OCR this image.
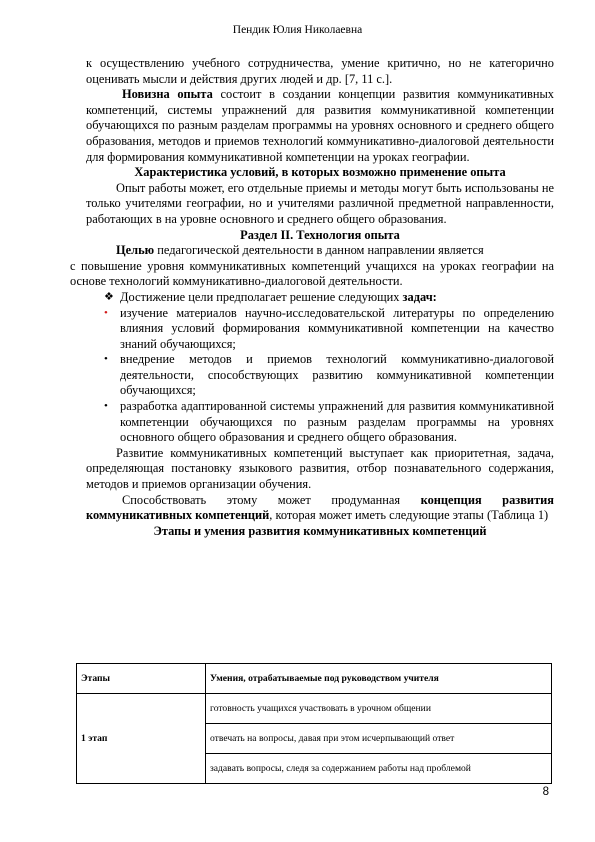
Пендик Юлия Николаевна

к осуществлению учебного сотрудничества, умение критично, но не категорично оценивать мысли и действия других людей и др. [7, 11 с.].

Новизна опыта состоит в создании концепции развития коммуникативных компетенций, системы упражнений для развития коммуникативной компетенции обучающихся по разным разделам программы на уровнях основного и среднего общего образования, методов и приемов технологий коммуникативно-диалоговой деятельности для формирования коммуникативной компетенции на уроках географии.

Характеристика условий, в которых возможно применение опыта

Опыт работы может, его отдельные приемы и методы могут быть использованы не только учителями географии, но и учителями различной предметной направленности, работающих в на уровне основного и среднего общего образования.

Раздел II. Технология опыта

Целью педагогической деятельности в данном направлении является

с повышение уровня коммуникативных компетенций учащихся на уроках географии на основе технологий коммуникативно-диалоговой деятельности.

❖ Достижение цели предполагает решение следующих задач:
• изучение материалов научно-исследовательской литературы по определению влияния условий формирования коммуникативной компетенции на качество знаний обучающихся;
• внедрение методов и приемов технологий коммуникативно-диалоговой деятельности, способствующих развитию коммуникативной компетенции обучающихся;
• разработка адаптированной системы упражнений для развития коммуникативной компетенции обучающихся по разным разделам программы на уровнях основного общего образования и среднего общего образования.

Развитие коммуникативных компетенций выступает как приоритетная, задача, определяющая постановку языкового развития, отбор познавательного содержания, методов и приемов организации обучения.

Способствовать этому может продуманная концепция развития коммуникативных компетенций, которая может иметь следующие этапы (Таблица 1)

Этапы и умения развития коммуникативных компетенций

Этапы	Умения, отрабатываемые под руководством учителя
1 этап	готовность учащихся участвовать в урочном общении
	отвечать на вопросы, давая при этом исчерпывающий ответ
	задавать вопросы, следя за содержанием работы над проблемой
8
